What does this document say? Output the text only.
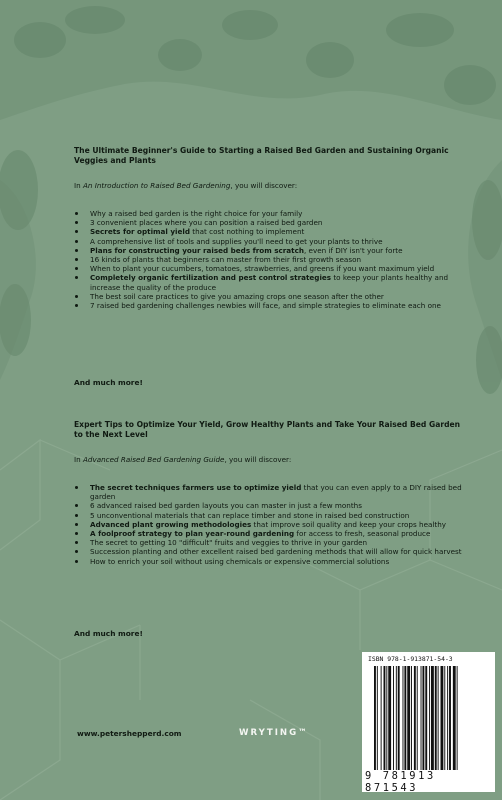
The Ultimate Beginner's Guide to Starting a Raised Bed Garden and Sustaining Organic Veggies and Plants

In An Introduction to Raised Bed Gardening, you will discover:

Why a raised bed garden is the right choice for your family
3 convenient places where you can position a raised bed garden
Secrets for optimal yield that cost nothing to implement
A comprehensive list of tools and supplies you'll need to get your plants to thrive
Plans for constructing your raised beds from scratch, even if DIY isn't your forte
16 kinds of plants that beginners can master from their first growth season
When to plant your cucumbers, tomatoes, strawberries, and greens if you want maximum yield
Completely organic fertilization and pest control strategies to keep your plants healthy and increase the quality of the produce
The best soil care practices to give you amazing crops one season after the other
7 raised bed gardening challenges newbies will face, and simple strategies to eliminate each one
And much more!
Expert Tips to Optimize Your Yield, Grow Healthy Plants and Take Your Raised Bed Garden to the Next Level

In Advanced Raised Bed Gardening Guide, you will discover:

The secret techniques farmers use to optimize yield that you can even apply to a DIY raised bed garden
6 advanced raised bed garden layouts you can master in just a few months
5 unconventional materials that can replace timber and stone in raised bed construction
Advanced plant growing methodologies that improve soil quality and keep your crops healthy
A foolproof strategy to plan year-round gardening for access to fresh, seasonal produce
The secret to getting 10 "difficult" fruits and veggies to thrive in your garden
Succession planting and other excellent raised bed gardening methods that will allow for quick harvest
How to enrich your soil without using chemicals or expensive commercial solutions
And much more!
www.petershepperd.com	WRYTING™
ISBN 978-1-913871-54-3
9 781913 871543
